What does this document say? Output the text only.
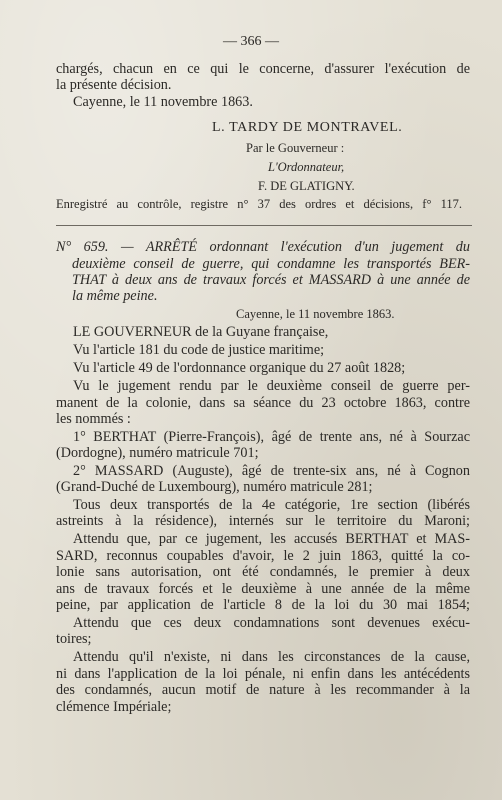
— 366 —
chargés, chacun en ce qui le concerne, d'assurer l'exécution de
la présente décision.
Cayenne, le 11 novembre 1863.
L. TARDY DE MONTRAVEL.
Par le Gouverneur :
L'Ordonnateur,
F. DE GLATIGNY.
Enregistré au contrôle, registre n° 37 des ordres et décisions, f° 117.
N° 659. — ARRÊTÉ ordonnant l'exécution d'un jugement du
deuxième conseil de guerre, qui condamne les transportés BER-
THAT à deux ans de travaux forcés et MASSARD à une année de
la même peine.
Cayenne, le 11 novembre 1863.
LE GOUVERNEUR de la Guyane française,
Vu l'article 181 du code de justice maritime;
Vu l'article 49 de l'ordonnance organique du 27 août 1828;
Vu le jugement rendu par le deuxième conseil de guerre per-
manent de la colonie, dans sa séance du 23 octobre 1863, contre
les nommés :
1° BERTHAT (Pierre-François), âgé de trente ans, né à Sourzac
(Dordogne), numéro matricule 701;
2° MASSARD (Auguste), âgé de trente-six ans, né à Cognon
(Grand-Duché de Luxembourg), numéro matricule 281;
Tous deux transportés de la 4e catégorie, 1re section (libérés
astreints à la résidence), internés sur le territoire du Maroni;
Attendu que, par ce jugement, les accusés BERTHAT et MAS-
SARD, reconnus coupables d'avoir, le 2 juin 1863, quitté la co-
lonie sans autorisation, ont été condamnés, le premier à deux
ans de travaux forcés et le deuxième à une année de la même
peine, par application de l'article 8 de la loi du 30 mai 1854;
Attendu que ces deux condamnations sont devenues exécu-
toires;
Attendu qu'il n'existe, ni dans les circonstances de la cause,
ni dans l'application de la loi pénale, ni enfin dans les antécédents
des condamnés, aucun motif de nature à les recommander à la
clémence Impériale;
